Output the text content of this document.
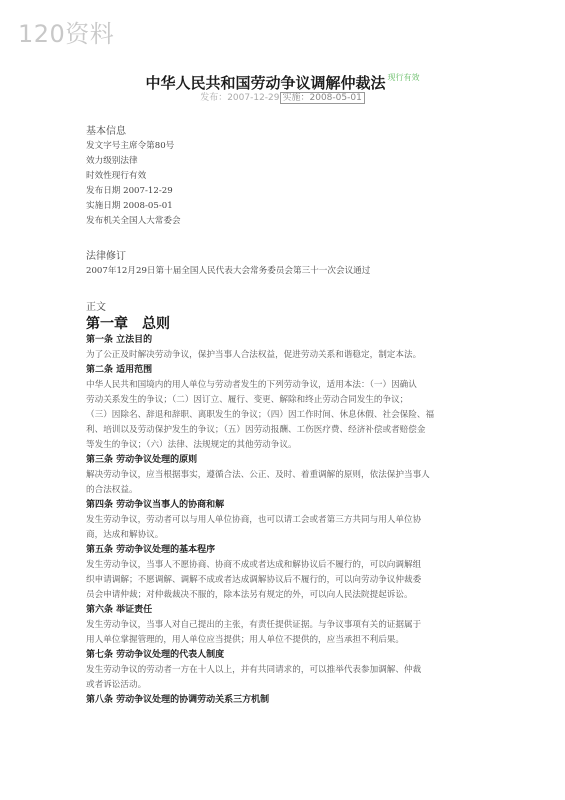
120资料
中华人民共和国劳动争议调解仲裁法 $^{现行有效}$
发布：2007-12-29 实施：2008-05-01

基本信息

发文字号主席令第80号

效力级别法律

时效性现行有效

发布日期 2007-12-29

实施日期 2008-05-01

发布机关全国人大常委会

法律修订

2007年12月29日第十届全国人民代表大会常务委员会第三十一次会议通过

正文

第一章　总则

第一条 立法目的

为了公正及时解决劳动争议，保护当事人合法权益，促进劳动关系和谐稳定，制定本法。

第二条 适用范围

中华人民共和国境内的用人单位与劳动者发生的下列劳动争议，适用本法：（一）因确认

劳动关系发生的争议；（二）因订立、履行、变更、解除和终止劳动合同发生的争议；

（三）因除名、辞退和辞职、离职发生的争议；（四）因工作时间、休息休假、社会保险、福

利、培训以及劳动保护发生的争议；（五）因劳动报酬、工伤医疗费、经济补偿或者赔偿金

等发生的争议；（六）法律、法规规定的其他劳动争议。

第三条 劳动争议处理的原则

解决劳动争议，应当根据事实，遵循合法、公正、及时、着重调解的原则，依法保护当事人

的合法权益。

第四条 劳动争议当事人的协商和解

发生劳动争议，劳动者可以与用人单位协商，也可以请工会或者第三方共同与用人单位协

商，达成和解协议。

第五条 劳动争议处理的基本程序

发生劳动争议，当事人不愿协商、协商不成或者达成和解协议后不履行的，可以向调解组

织申请调解；不愿调解、调解不成或者达成调解协议后不履行的，可以向劳动争议仲裁委

员会申请仲裁；对仲裁裁决不服的，除本法另有规定的外，可以向人民法院提起诉讼。

第六条 举证责任

发生劳动争议，当事人对自己提出的主张，有责任提供证据。与争议事项有关的证据属于

用人单位掌握管理的，用人单位应当提供；用人单位不提供的，应当承担不利后果。

第七条 劳动争议处理的代表人制度

发生劳动争议的劳动者一方在十人以上，并有共同请求的，可以推举代表参加调解、仲裁

或者诉讼活动。

第八条 劳动争议处理的协调劳动关系三方机制
